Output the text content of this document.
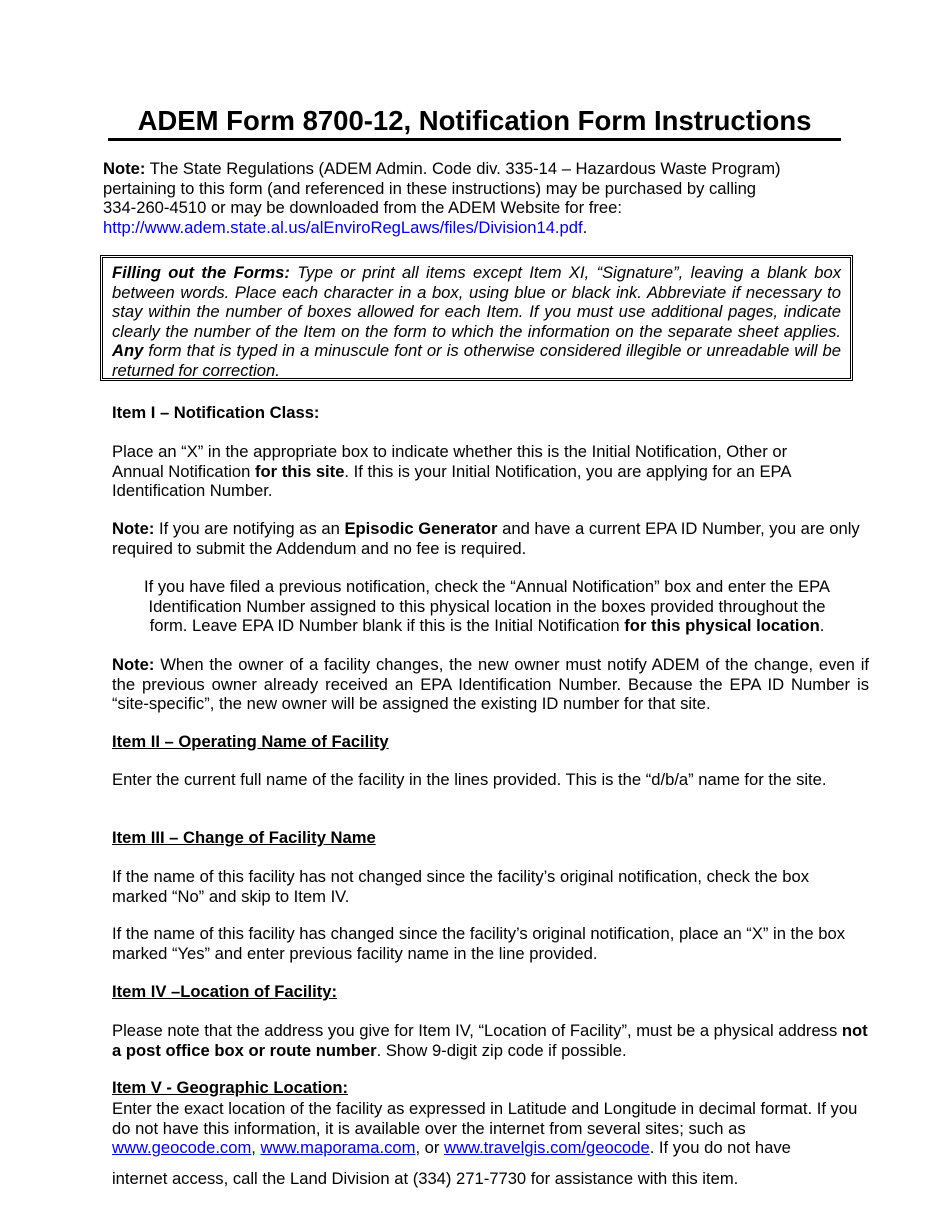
ADEM Form 8700-12, Notification Form Instructions

Note: The State Regulations (ADEM Admin. Code div. 335-14 – Hazardous Waste Program) pertaining to this form (and referenced in these instructions) may be purchased by calling 334-260-4510 or may be downloaded from the ADEM Website for free: http://www.adem.state.al.us/alEnviroRegLaws/files/Division14.pdf.

Filling out the Forms: Type or print all items except Item XI, “Signature”, leaving a blank box between words. Place each character in a box, using blue or black ink. Abbreviate if necessary to stay within the number of boxes allowed for each Item. If you must use additional pages, indicate clearly the number of the Item on the form to which the information on the separate sheet applies. Any form that is typed in a minuscule font or is otherwise considered illegible or unreadable will be returned for correction.

Item I – Notification Class:

Place an “X” in the appropriate box to indicate whether this is the Initial Notification, Other or Annual Notification for this site. If this is your Initial Notification, you are applying for an EPA Identification Number.

Note: If you are notifying as an Episodic Generator and have a current EPA ID Number, you are only required to submit the Addendum and no fee is required.

If you have filed a previous notification, check the “Annual Notification” box and enter the EPA Identification Number assigned to this physical location in the boxes provided throughout the form. Leave EPA ID Number blank if this is the Initial Notification for this physical location.

Note: When the owner of a facility changes, the new owner must notify ADEM of the change, even if the previous owner already received an EPA Identification Number. Because the EPA ID Number is “site-specific”, the new owner will be assigned the existing ID number for that site.

Item II – Operating Name of Facility

Enter the current full name of the facility in the lines provided. This is the “d/b/a” name for the site.

Item III – Change of Facility Name

If the name of this facility has not changed since the facility’s original notification, check the box marked “No” and skip to Item IV.

If the name of this facility has changed since the facility’s original notification, place an “X” in the box marked “Yes” and enter previous facility name in the line provided.

Item IV –Location of Facility:

Please note that the address you give for Item IV, “Location of Facility”, must be a physical address not a post office box or route number. Show 9-digit zip code if possible.

Item V - Geographic Location:

Enter the exact location of the facility as expressed in Latitude and Longitude in decimal format. If you do not have this information, it is available over the internet from several sites; such as www.geocode.com, www.maporama.com, or www.travelgis.com/geocode. If you do not have

internet access, call the Land Division at (334) 271-7730 for assistance with this item.
